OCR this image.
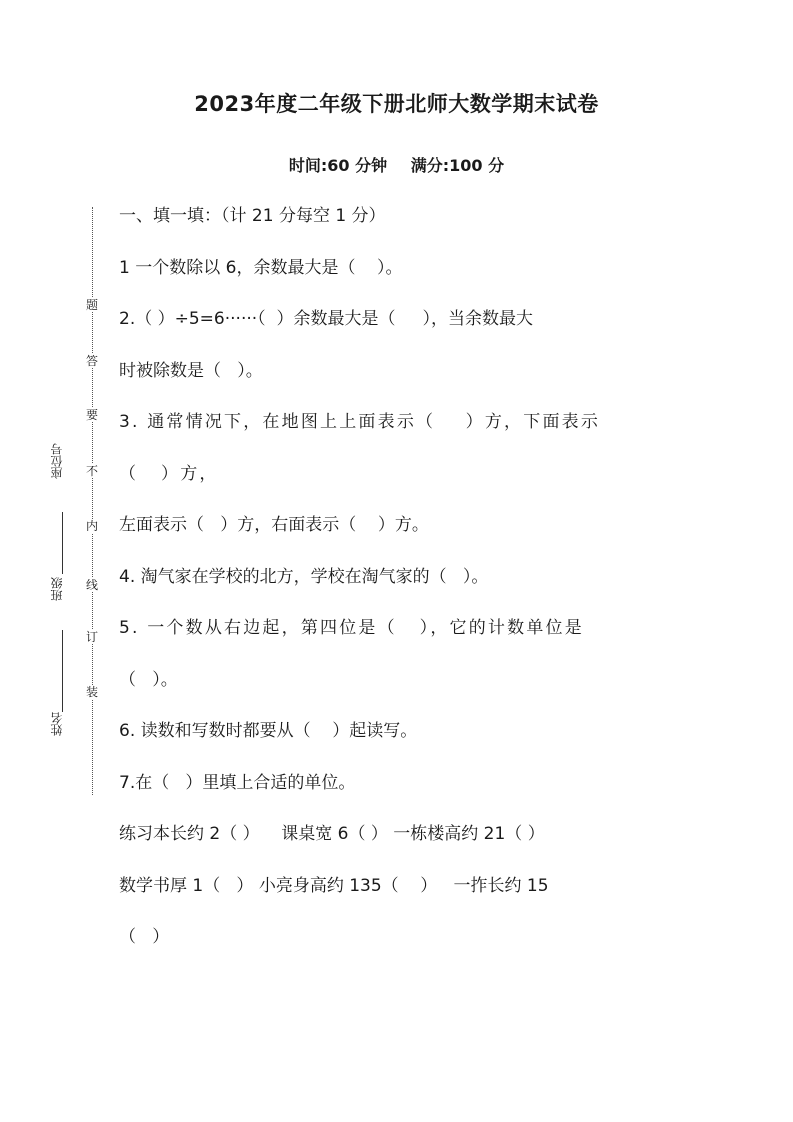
2023年度二年级下册北师大数学期末试卷
时间:60 分钟 满分:100 分
题
答
要
不
内
线
订
装
座位号
班级
姓名
一、填一填：（计 21 分每空 1 分）
1 一个数除以 6，余数最大是（    ）。
2.（ ）÷5=6······（  ）余数最大是（     ），当余数最大
时被除数是（   ）。
3. 通常情况下，在地图上上面表示（    ）方，下面表示
（   ）方，
左面表示（   ）方，右面表示（    ）方。
4. 淘气家在学校的北方，学校在淘气家的（   ）。
5. 一个数从右边起，第四位是（   ），它的计数单位是
（   ）。
6. 读数和写数时都要从（    ）起读写。
7.在（   ）里填上合适的单位。
练习本长约 2（ ）    课桌宽 6（ ） 一栋楼高约 21（ ）
数学书厚 1（   ） 小亮身高约 135（    ）   一拃长约 15
（   ）
